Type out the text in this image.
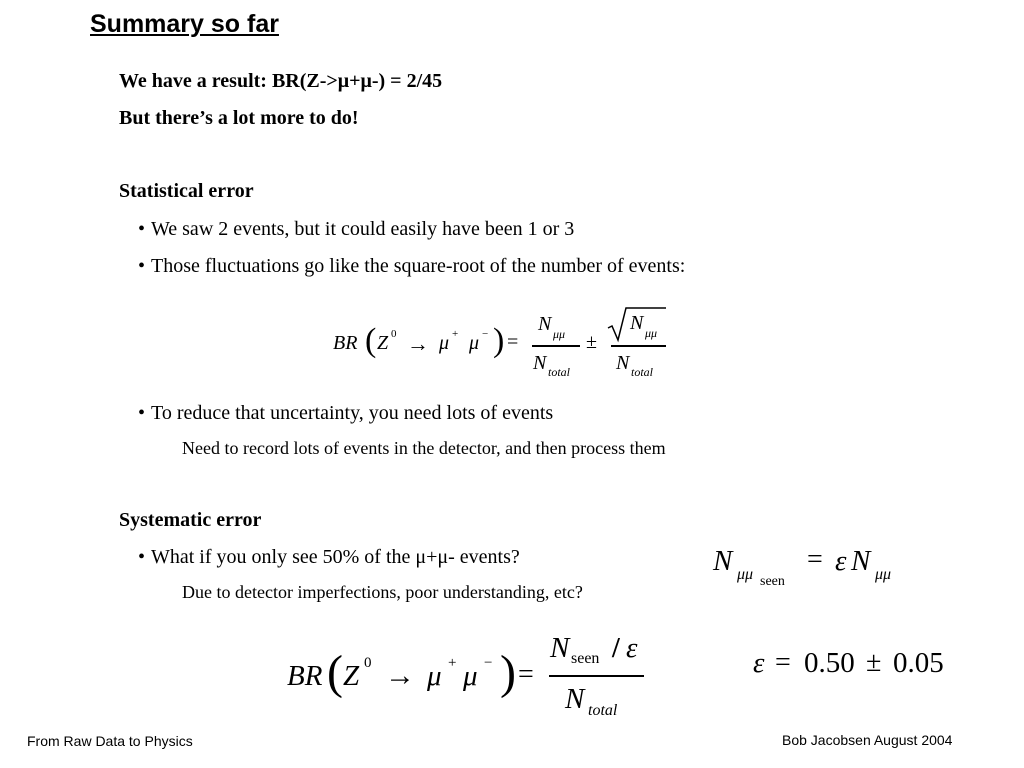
Summary so far
We have a result: BR(Z->μ+μ-) = 2/45
But there’s a lot more to do!
Statistical error
• We saw 2 events, but it could easily have been 1 or 3
• Those fluctuations go like the square-root of the number of events:
BR ( Z 0 → μ + μ − ) =
N μμ
N total
±
N μμ
N total
• To reduce that uncertainty, you need lots of events
Need to record lots of events in the detector, and then process them
Systematic error
• What if you only see 50% of the μ+μ- events?
Due to detector imperfections, poor understanding, etc?
N μμ seen
= ε N μμ
BR ( Z 0 → μ + μ − ) =
N seen / ε
N total
ε = 0.50 ± 0.05
From Raw Data to Physics	Bob Jacobsen August 2004
